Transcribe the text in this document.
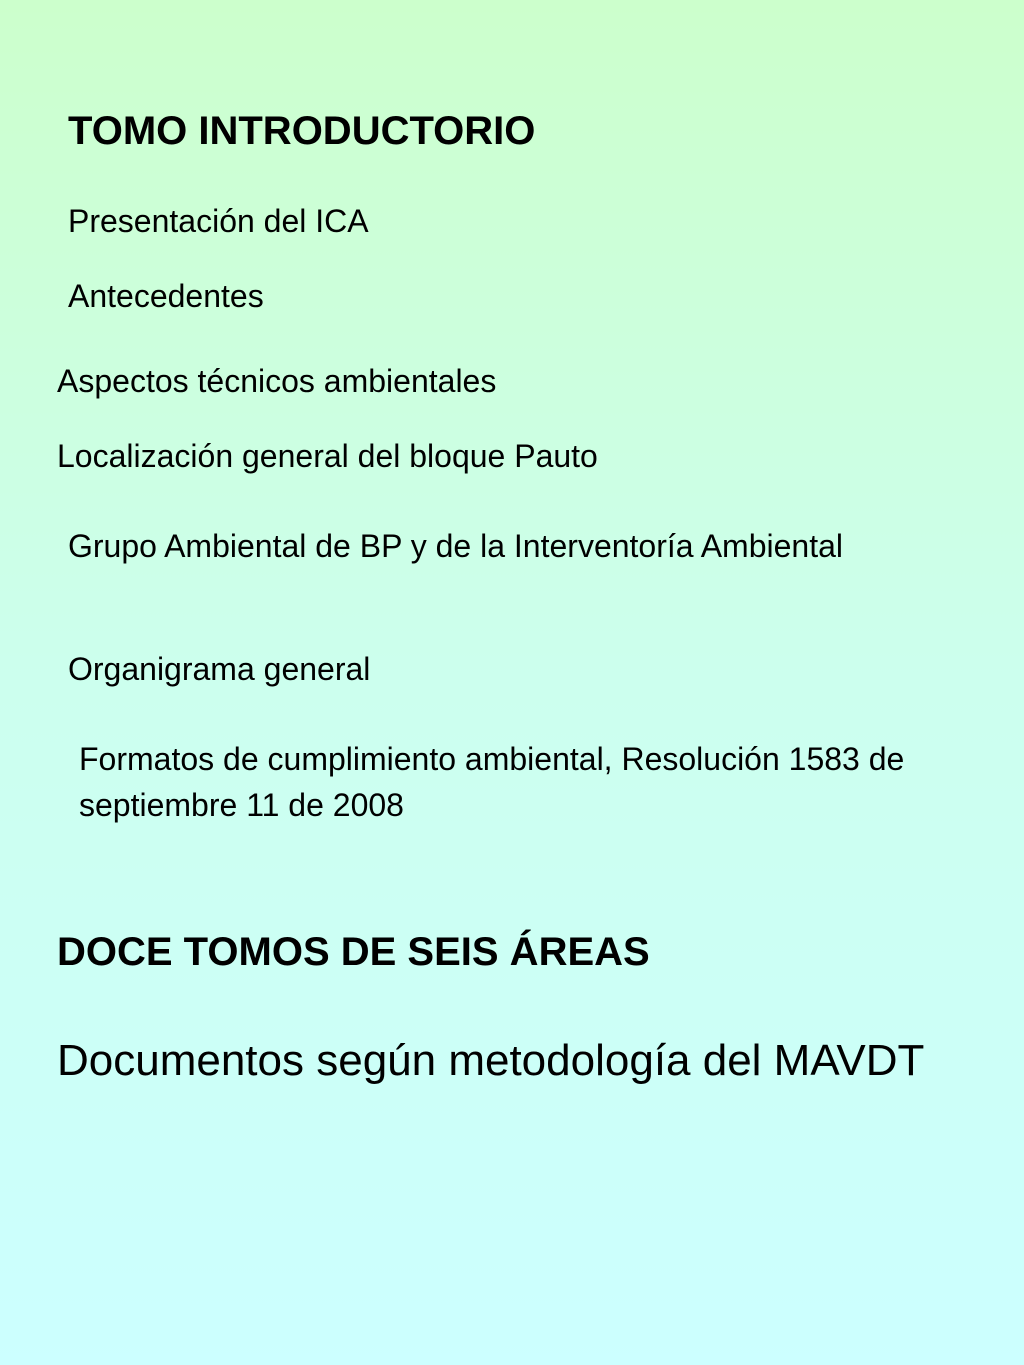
TOMO INTRODUCTORIO

Presentación del ICA

Antecedentes

Aspectos técnicos ambientales

Localización general del bloque Pauto

Grupo Ambiental de BP y de la Interventoría Ambiental

Organigrama general

Formatos de cumplimiento ambiental, Resolución 1583 de septiembre 11 de 2008

DOCE TOMOS DE SEIS ÁREAS

Documentos según metodología del MAVDT
